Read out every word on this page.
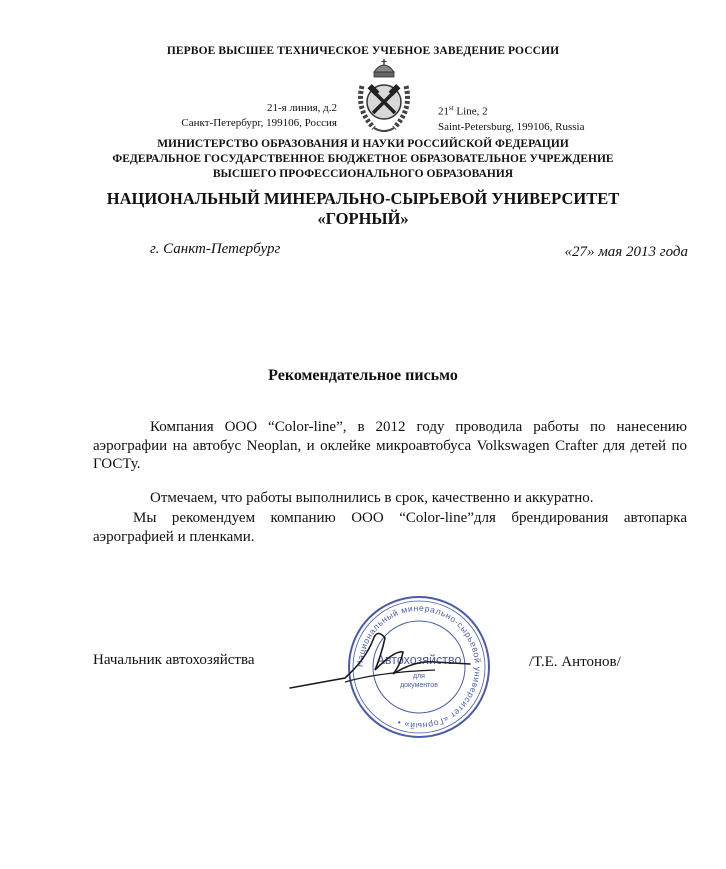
ПЕРВОЕ ВЫСШЕЕ ТЕХНИЧЕСКОЕ УЧЕБНОЕ ЗАВЕДЕНИЕ РОССИИ
21-я линия, д.2
Санкт-Петербург, 199106, Россия
21st Line, 2
Saint-Petersburg, 199106, Russia
МИНИСТЕРСТВО ОБРАЗОВАНИЯ И НАУКИ РОССИЙСКОЙ ФЕДЕРАЦИИ
ФЕДЕРАЛЬНОЕ ГОСУДАРСТВЕННОЕ БЮДЖЕТНОЕ ОБРАЗОВАТЕЛЬНОЕ УЧРЕЖДЕНИЕ
ВЫСШЕГО ПРОФЕССИОНАЛЬНОГО ОБРАЗОВАНИЯ
НАЦИОНАЛЬНЫЙ МИНЕРАЛЬНО-СЫРЬЕВОЙ УНИВЕРСИТЕТ
«ГОРНЫЙ»
г. Санкт-Петербург	«27» мая 2013 года
Рекомендательное письмо
Компания ООО “Color-line”, в 2012 году проводила работы по нанесению аэрографии на автобус Neoplan, и оклейке микроавтобуса Volkswagen Crafter для детей по ГОСТу.
Отмечаем, что работы выполнились в срок, качественно и аккуратно.
Мы рекомендуем компанию ООО “Color-line”для брендирования автопарка аэрографией и пленками.
Начальник автохозяйства	/Т.Е. Антонов/
Национальный минерально-сырьевой университет «Горный» •
Автохозяйство
для
документов
